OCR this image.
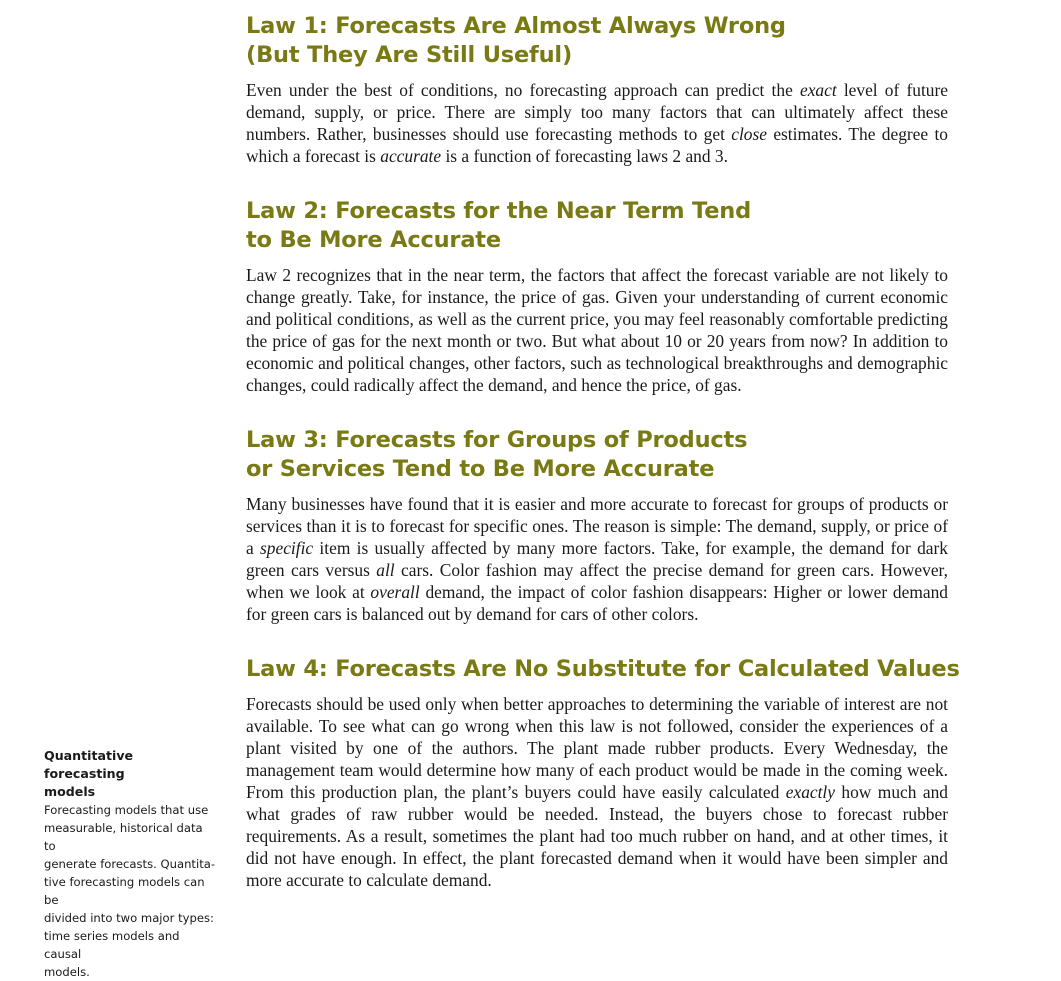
Law 1: Forecasts Are Almost Always Wrong
(But They Are Still Useful)

Even under the best of conditions, no forecasting approach can predict the exact level of future demand, supply, or price. There are simply too many factors that can ultimately affect these numbers. Rather, businesses should use forecasting methods to get close estimates. The degree to which a forecast is accurate is a function of forecasting laws 2 and 3.

Law 2: Forecasts for the Near Term Tend
to Be More Accurate

Law 2 recognizes that in the near term, the factors that affect the forecast variable are not likely to change greatly. Take, for instance, the price of gas. Given your understanding of current economic and political conditions, as well as the current price, you may feel reasonably comfortable predicting the price of gas for the next month or two. But what about 10 or 20 years from now? In addition to economic and political changes, other factors, such as technological breakthroughs and demographic changes, could radically affect the demand, and hence the price, of gas.

Law 3: Forecasts for Groups of Products
or Services Tend to Be More Accurate

Many businesses have found that it is easier and more accurate to forecast for groups of products or services than it is to forecast for specific ones. The reason is simple: The demand, supply, or price of a specific item is usually affected by many more factors. Take, for example, the demand for dark green cars versus all cars. Color fashion may affect the precise demand for green cars. However, when we look at overall demand, the impact of color fashion disappears: Higher or lower demand for green cars is balanced out by demand for cars of other colors.

Law 4: Forecasts Are No Substitute for Calculated Values

Forecasts should be used only when better approaches to determining the variable of interest are not available. To see what can go wrong when this law is not followed, consider the experiences of a plant visited by one of the authors. The plant made rubber products. Every Wednesday, the management team would determine how many of each product would be made in the coming week. From this production plan, the plant’s buyers could have easily calculated exactly how much and what grades of raw rubber would be needed. Instead, the buyers chose to forecast rubber requirements. As a result, sometimes the plant had too much rubber on hand, and at other times, it did not have enough. In effect, the plant forecasted demand when it would have been simpler and more accurate to calculate demand.

Quantitative forecasting
models

Forecasting models that use
measurable, historical data to
generate forecasts. Quantita-
tive forecasting models can be
divided into two major types:
time series models and causal
models.
